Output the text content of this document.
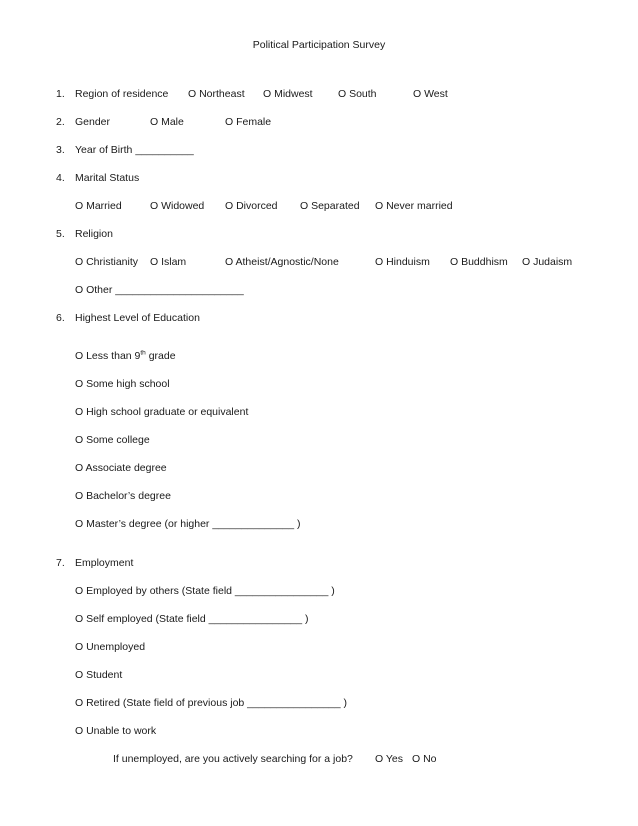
Political Participation Survey
1. Region of residence O Northeast O Midwest O South	O West
2. Gender	O Male	O Female
3. Year of Birth __________
4. Marital Status
O Married	O Widowed O Divorced O Separated O Never married
5. Religion
O Christianity O Islam	O Atheist/Agnostic/None	O Hinduism O Buddhism O Judaism
O Other ______________________
6. Highest Level of Education
O Less than 9th grade
O Some high school
O High school graduate or equivalent
O Some college
O Associate degree
O Bachelor’s degree
O Master’s degree (or higher ______________ )
7. Employment
O Employed by others (State field ________________ )
O Self employed (State field ________________ )
O Unemployed
O Student
O Retired (State field of previous job ________________ )
O Unable to work
If unemployed, are you actively searching for a job? O Yes O No
